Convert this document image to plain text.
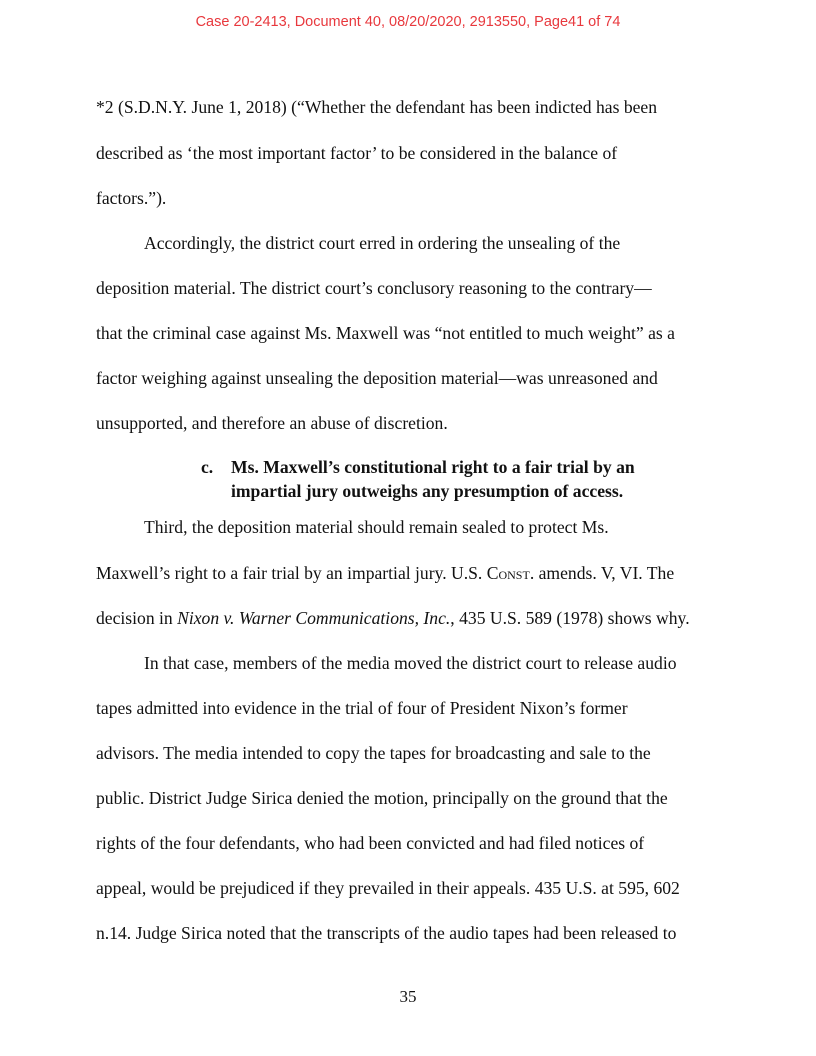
Case 20-2413, Document 40, 08/20/2020, 2913550, Page41 of 74
*2 (S.D.N.Y. June 1, 2018) (“Whether the defendant has been indicted has been
described as ‘the most important factor’ to be considered in the balance of
factors.”).
Accordingly, the district court erred in ordering the unsealing of the
deposition material. The district court’s conclusory reasoning to the contrary—
that the criminal case against Ms. Maxwell was “not entitled to much weight” as a
factor weighing against unsealing the deposition material—was unreasoned and
unsupported, and therefore an abuse of discretion.
c. Ms. Maxwell’s constitutional right to a fair trial by an
impartial jury outweighs any presumption of access.
Third, the deposition material should remain sealed to protect Ms.
Maxwell’s right to a fair trial by an impartial jury. U.S. Const. amends. V, VI. The
decision in Nixon v. Warner Communications, Inc., 435 U.S. 589 (1978) shows why.
In that case, members of the media moved the district court to release audio
tapes admitted into evidence in the trial of four of President Nixon’s former
advisors. The media intended to copy the tapes for broadcasting and sale to the
public. District Judge Sirica denied the motion, principally on the ground that the
rights of the four defendants, who had been convicted and had filed notices of
appeal, would be prejudiced if they prevailed in their appeals. 435 U.S. at 595, 602
n.14. Judge Sirica noted that the transcripts of the audio tapes had been released to
35
